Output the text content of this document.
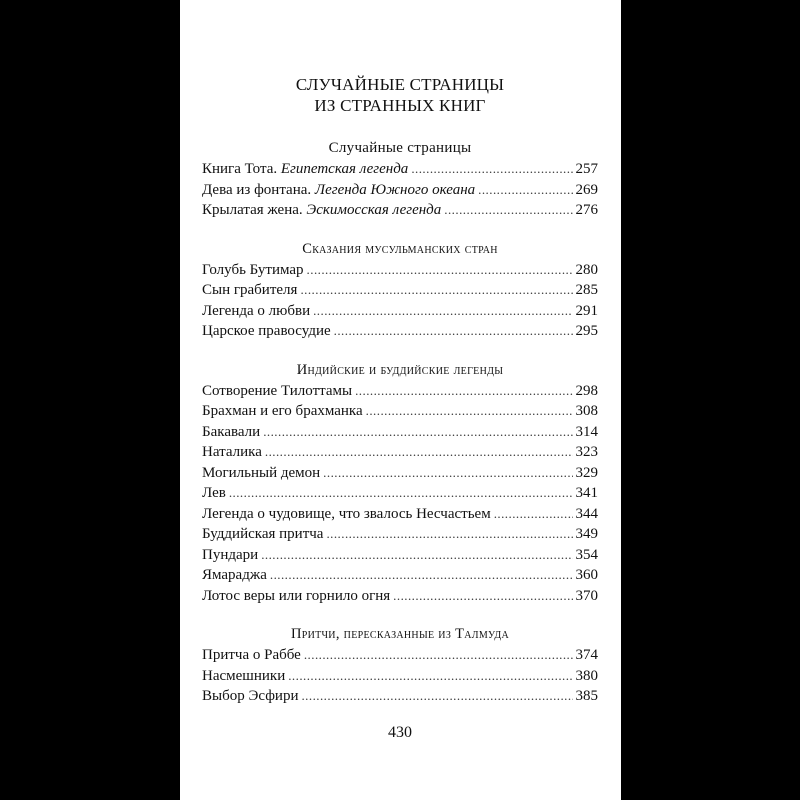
СЛУЧАЙНЫЕ СТРАНИЦЫ
ИЗ СТРАННЫХ КНИГ
Случайные страницы
Книга Тота. Египетская легенда . . .	257
Дева из фонтана. Легенда Южного океана . . .	269
Крылатая жена. Эскимосская легенда . . .	276
Сказания мусульманских стран
Голубь Бутимар . . .	280
Сын грабителя . . .	285
Легенда о любви . . .	291
Царское правосудие . . .	295
Индийские и буддийские легенды
Сотворение Тилоттамы . . .	298
Брахман и его брахманка . . .	308
Бакавали . . .	314
Наталика . . .	323
Могильный демон . . .	329
Лев . . .	341
Легенда о чудовище, что звалось Несчастьем . . .	344
Буддийская притча . . .	349
Пундари . . .	354
Ямараджа . . .	360
Лотос веры или горнило огня . . .	370
Притчи, пересказанные из Талмуда
Притча о Раббе . . .	374
Насмешники . . .	380
Выбор Эсфири . . .	385
430
